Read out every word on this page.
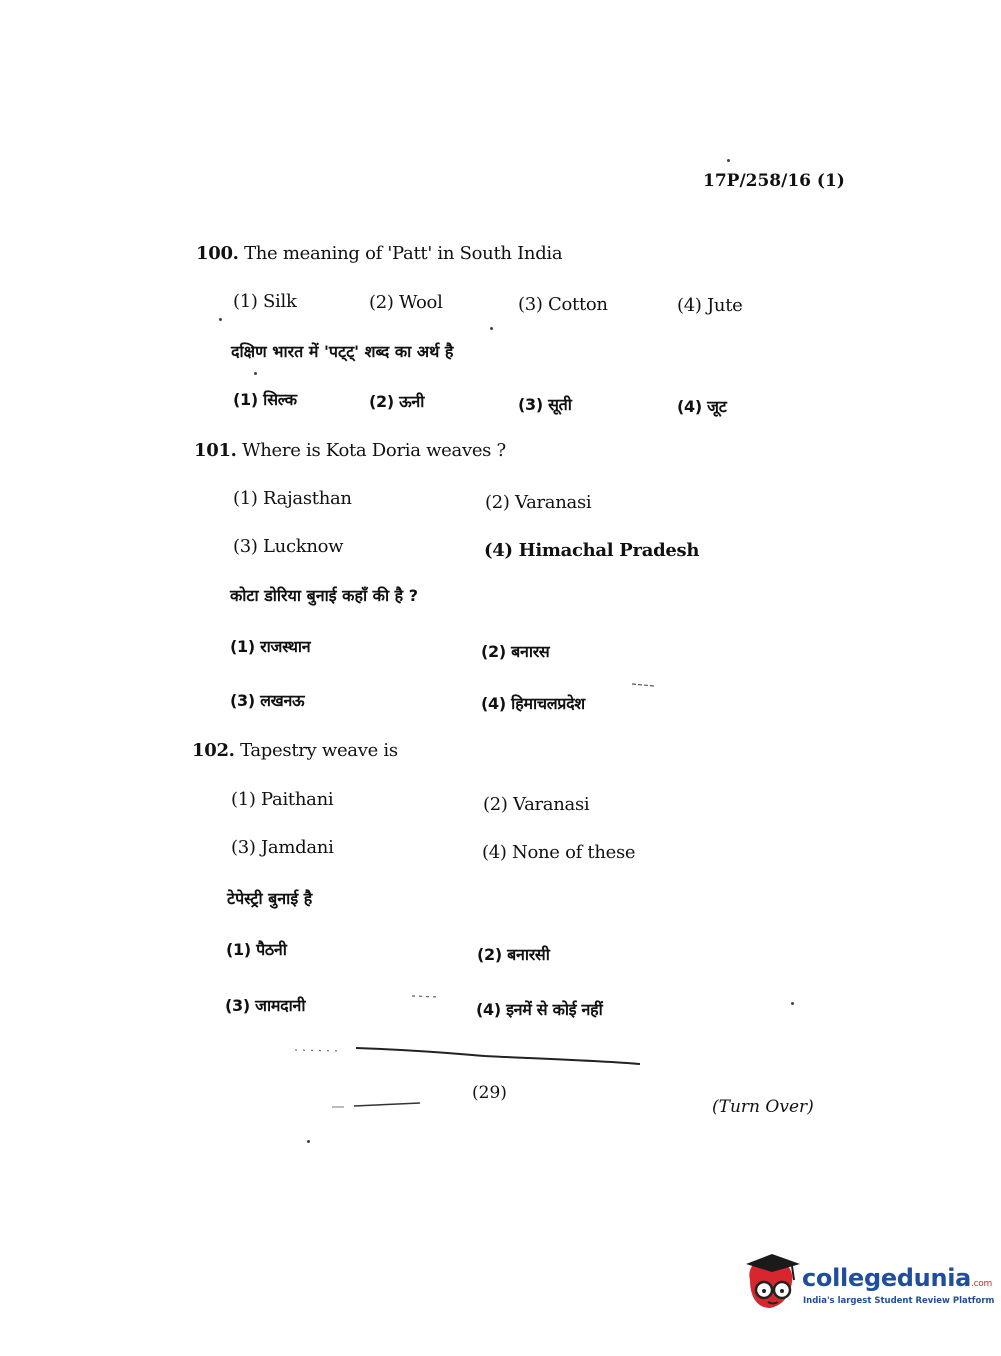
17P/258/16 (1)
100. The meaning of 'Patt' in South India
(1) Silk	(2) Wool	(3) Cotton	(4) Jute
दक्षिण भारत में 'पट्ट्' शब्द का अर्थ है
(1) सिल्क	(2) ऊनी	(3) सूती	(4) जूट
101. Where is Kota Doria weaves ?
(1) Rajasthan	(2) Varanasi
(3) Lucknow	(4) Himachal Pradesh
कोटा डोरिया बुनाई कहाँ की है ?
(1) राजस्थान	(2) बनारस
(3) लखनऊ	(4) हिमाचलप्रदेश
102. Tapestry weave is
(1) Paithani	(2) Varanasi
(3) Jamdani	(4) None of these
टेपेस्ट्री बुनाई है
(1) पैठनी	(2) बनारसी
(3) जामदानी	(4) इनमें से कोई नहीं
(29)
(Turn Over)
collegedunia.com
India's largest Student Review Platform
